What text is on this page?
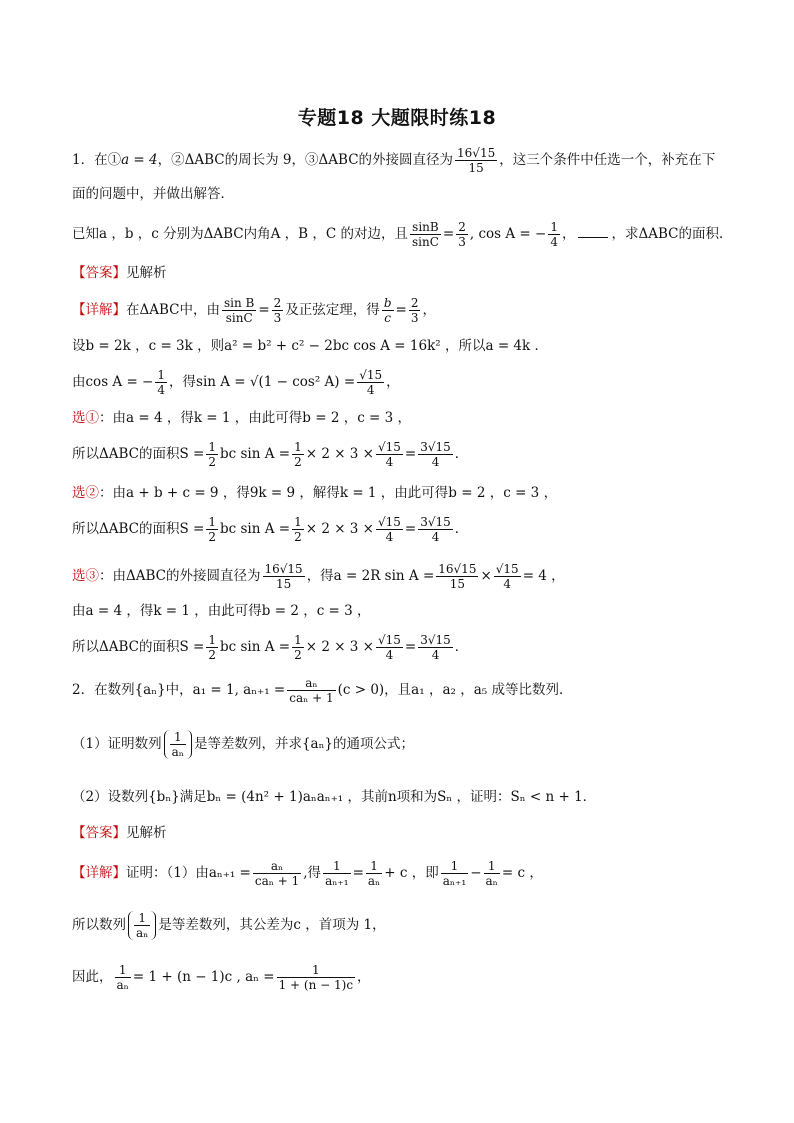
专题18 大题限时练18
1．在①a = 4，②ΔABC的周长为 9，③ΔABC的外接圆直径为 $\frac{16√15}{15}$ ，这三个条件中任选一个，补充在下
面的问题中，并做出解答．
已知a ，b ，c 分别为ΔABC内角A ，B ，C 的对边，且 $\frac{\sin B}{\sin C} = \frac{2}{3}$ , cos A = − $\frac{1}{4}$ ，	，求ΔABC的面积．
【答案】见解析
【详解】在ΔABC中，由 $\frac{\text{sin B}}{\sin C} = \frac{2}{3}$ 及正弦定理，得 $\frac{b}{c} = \frac{2}{3}$ ，
设b = 2k ，c = 3k ，则a² = b² + c² − 2bc cos A = 16k² ，所以a = 4k ．
由cos A = − $\frac{1}{4}$ ，得sin A = √(1 − cos² $A) = \frac{√15}{4}$ ，
选①：由a = 4 ，得k = 1 ，由此可得b = 2 ，c = 3 ，
所以ΔABC的面积$S = \frac{1}{2}$ bc $\sin A = \frac{1}{2} \times 2 \times 3 \times \frac{√15}{4} = \frac{3√15}{4}$ ．
选②：由a + b + c = 9 ，得9k = 9 ，解得k = 1 ，由此可得b = 2 ，c = 3 ，
所以ΔABC的面积$S = \frac{1}{2}$ bc $\sin A = \frac{1}{2} \times 2 \times 3 \times \frac{√15}{4} = \frac{3√15}{4}$ ．
选③：由ΔABC的外接圆直径为 $\frac{16√15}{15}$ ，得a = 2R $\sin A = \frac{16√15}{15} \times \frac{√15}{4} = 4$ ，
由a = 4 ，得k = 1 ，由此可得b = 2 ，c = 3 ，
所以ΔABC的面积$S = \frac{1}{2}$ bc $\sin A = \frac{1}{2} \times 2 \times 3 \times \frac{√15}{4} = \frac{3√15}{4}$ ．
2．在数列{aₙ}中，a₁ = 1, $a_{n+1} = \frac{\text{aₙ}}{\text{caₙ + 1}} (c > 0)$，且a₁ ，a₂ ，a₅ 成等比数列．
（1）证明数列 $\frac{1}{\text{aₙ}}$ 是等差数列，并求{aₙ}的通项公式；
（2）设数列{bₙ}满足bₙ = (4n² + 1)aₙaₙ₊₁ ，其前n项和为Sₙ ，证明：Sₙ < n + 1．
【答案】见解析
【详解】证明：（1）由$a_{n+1} = \frac{\text{aₙ}}{\text{caₙ + 1}}$ ,得 $\frac{1}{\text{aₙ₊₁}} = \frac{1}{\text{aₙ}} + c$ ，即 $\frac{1}{\text{aₙ₊₁}} - \frac{1}{\text{aₙ}} = c$ ，
所以数列 $\frac{1}{\text{aₙ}}$ 是等差数列，其公差为c ，首项为 1，
因此， $\frac{1}{\text{aₙ}} = 1 + (n - 1)c$ , $a_n = \frac{1}{1 + (n - 1)c}$ ，
